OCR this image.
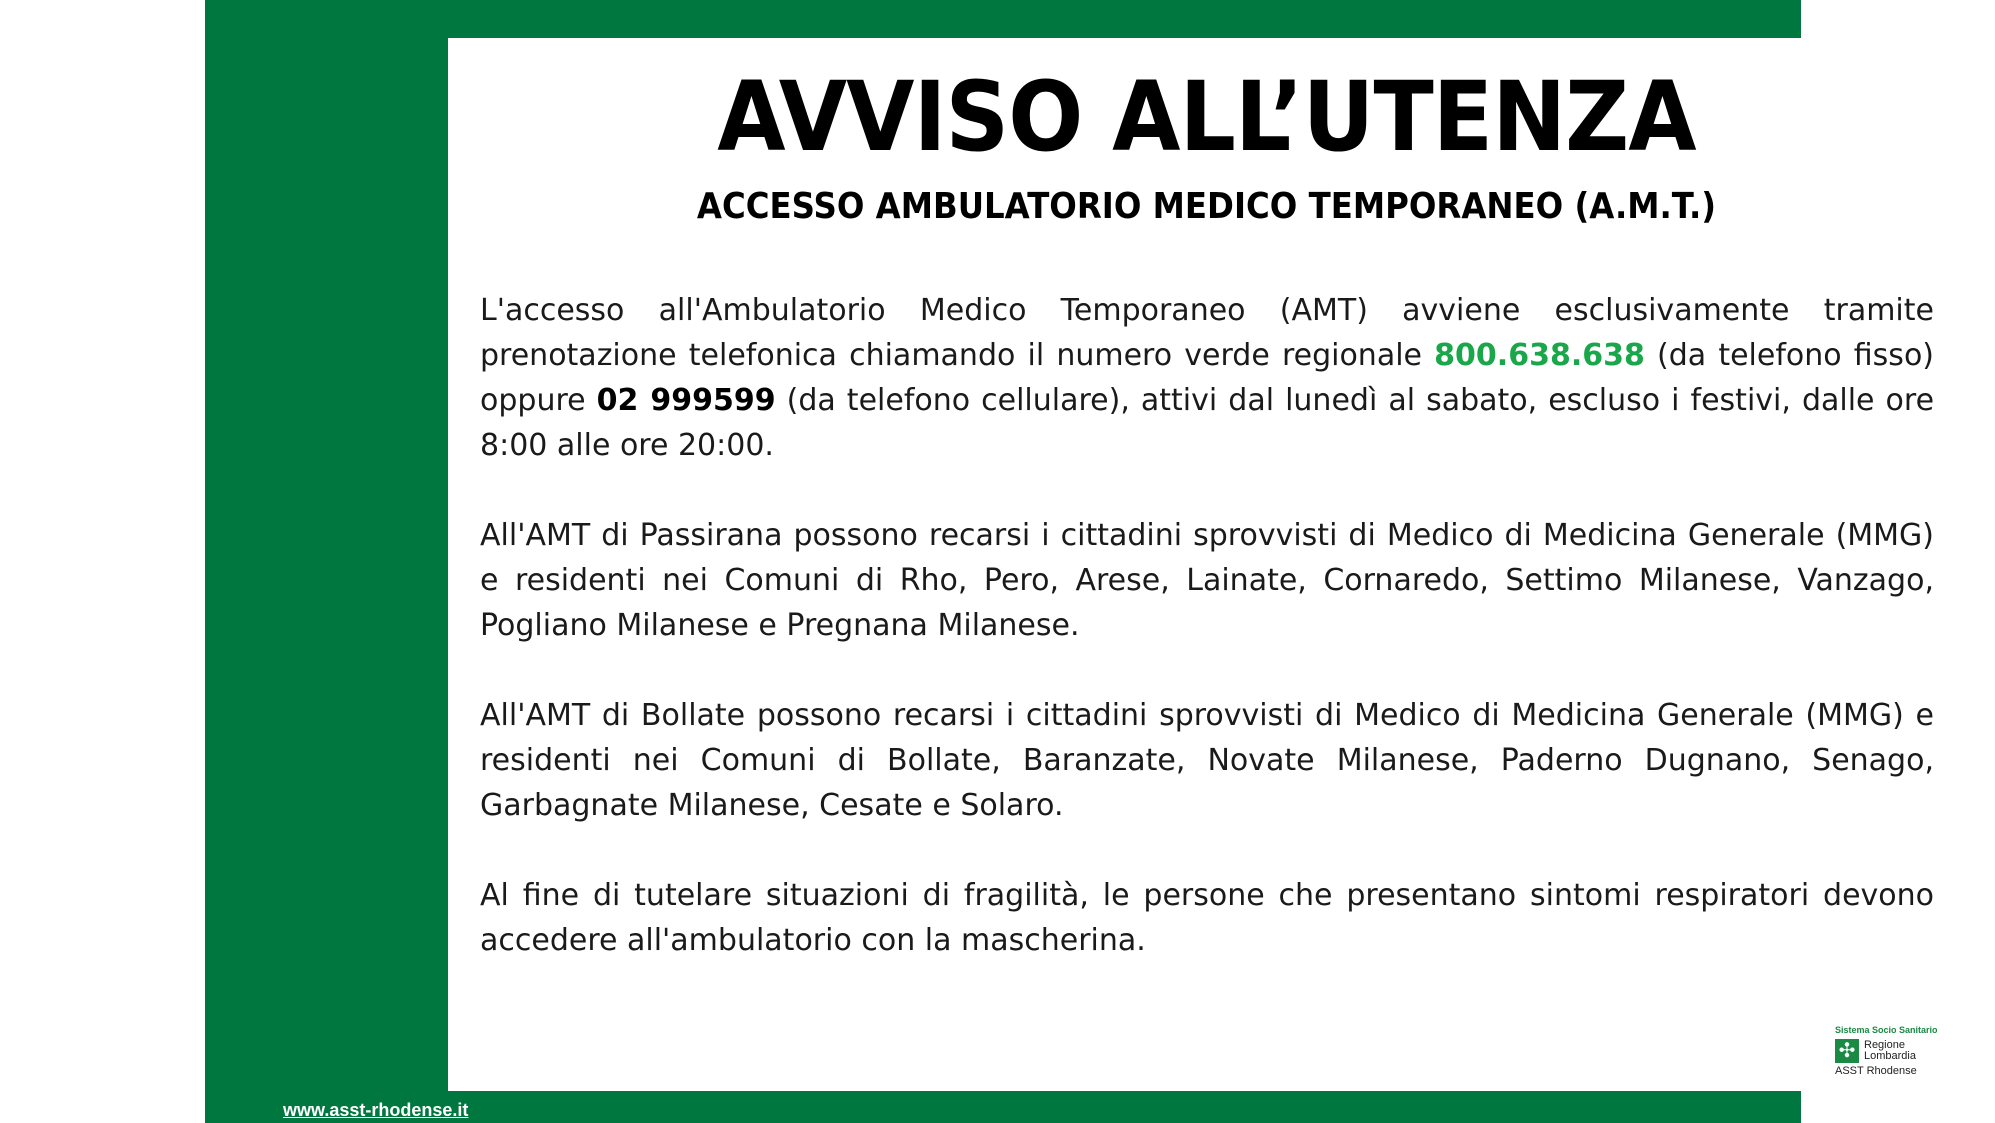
AVVISO ALL’UTENZA
ACCESSO AMBULATORIO MEDICO TEMPORANEO (A.M.T.)

L'accesso all'Ambulatorio Medico Temporaneo (AMT) avviene esclusivamente tramite prenotazione telefonica chiamando il numero verde regionale 800.638.638 (da telefono fisso) oppure 02 999599 (da telefono cellulare), attivi dal lunedì al sabato, escluso i festivi, dalle ore 8:00 alle ore 20:00.

All'AMT di Passirana possono recarsi i cittadini sprovvisti di Medico di Medicina Generale (MMG) e residenti nei Comuni di Rho, Pero, Arese, Lainate, Cornaredo, Settimo Milanese, Vanzago, Pogliano Milanese e Pregnana Milanese.

All'AMT di Bollate possono recarsi i cittadini sprovvisti di Medico di Medicina Generale (MMG) e residenti nei Comuni di Bollate, Baranzate, Novate Milanese, Paderno Dugnano, Senago, Garbagnate Milanese, Cesate e Solaro.

Al fine di tutelare situazioni di fragilità, le persone che presentano sintomi respiratori devono accedere all'ambulatorio con la mascherina.

Sistema Socio Sanitario
✣ Regione
Lombardia
ASST Rhodense
www.asst-rhodense.it
